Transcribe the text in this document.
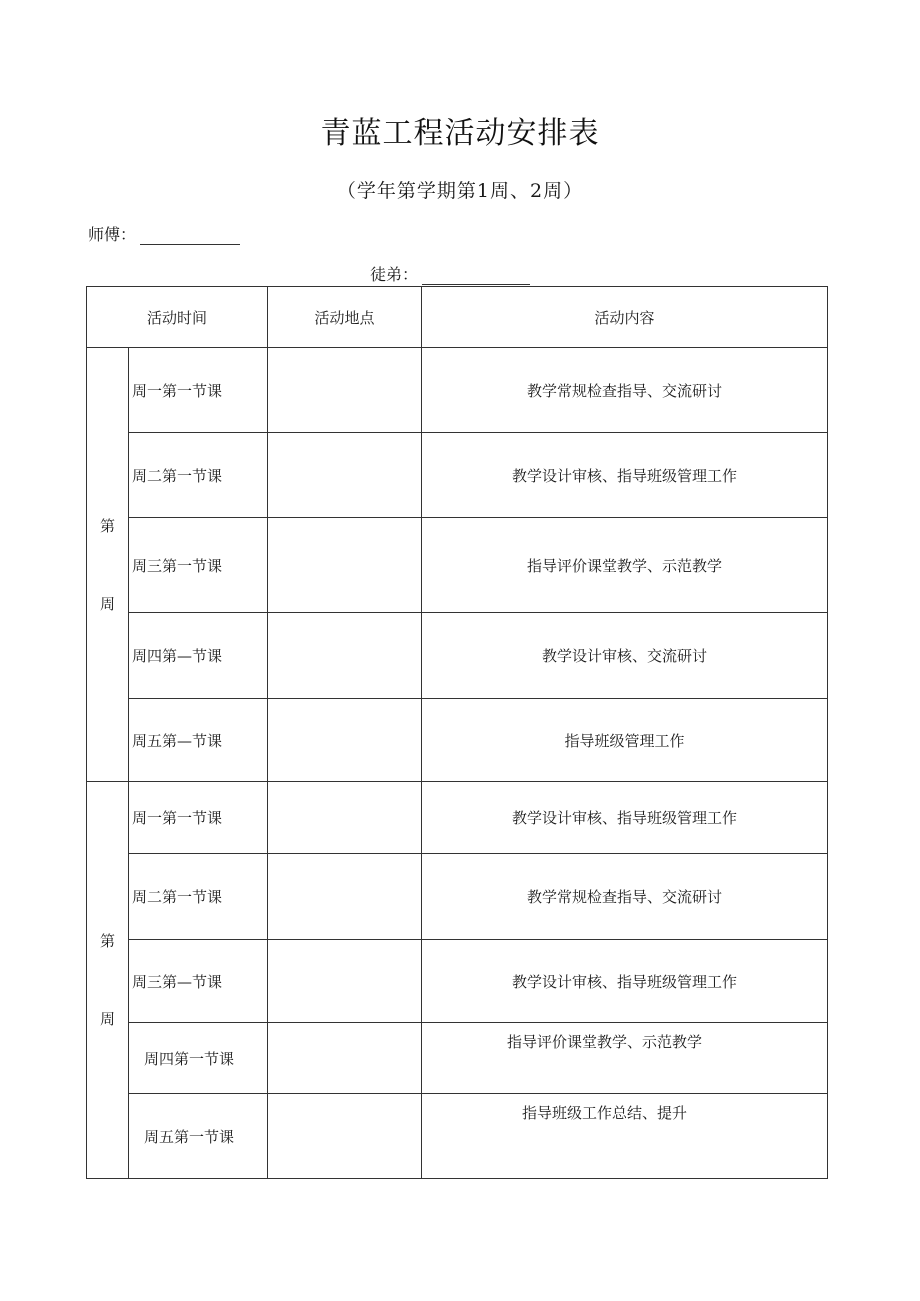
青蓝工程活动安排表
（学年第学期第1周、2周）
师傅：
徒弟：
活动时间		活动地点	活动内容

第
周	周一第一节课		教学常规检查指导、交流研讨
	周二第一节课		教学设计审核、指导班级管理工作
	周三第一节课		指导评价课堂教学、示范教学
	周四第—节课		教学设计审核、交流研讨
	周五第—节课		指导班级管理工作

第
周	周一第一节课		教学设计审核、指导班级管理工作
	周二第一节课		教学常规检查指导、交流研讨
	周三第—节课		教学设计审核、指导班级管理工作
	周四第一节课		指导评价课堂教学、示范教学
	周五第一节课		指导班级工作总结、提升
